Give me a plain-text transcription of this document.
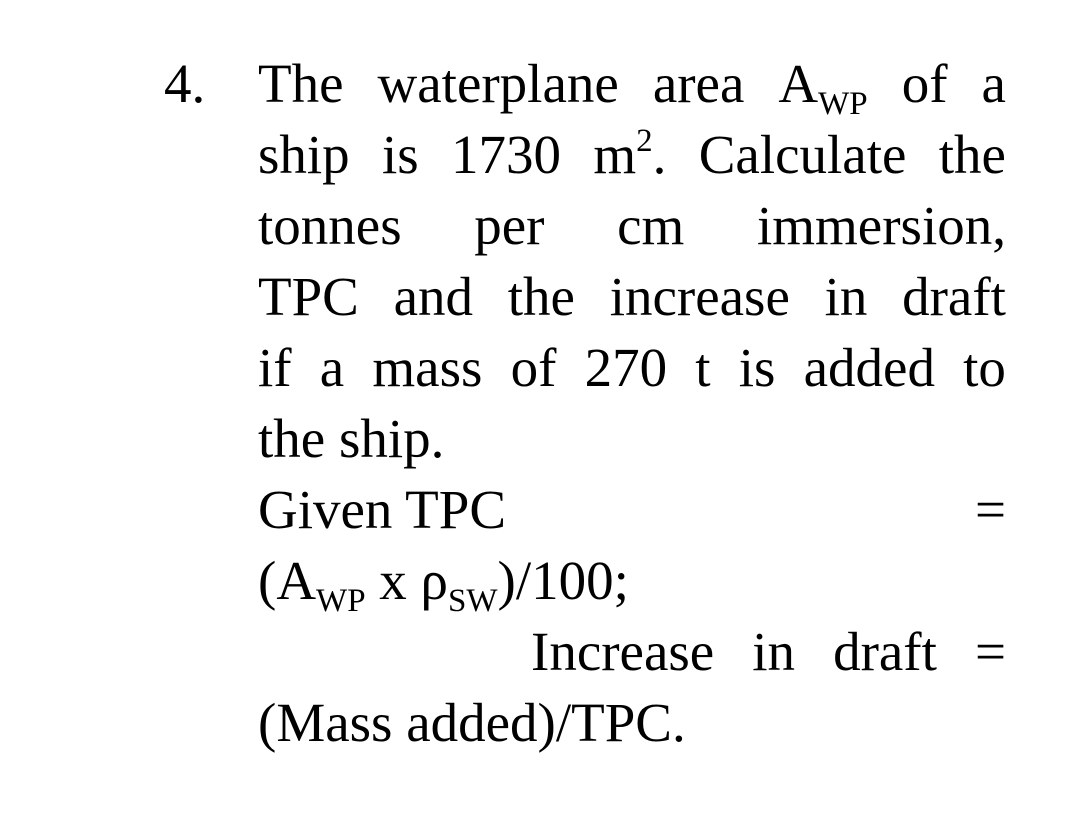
4. The waterplane area $A_{WP}$ of a
ship is 1730 $m^2$. Calculate the
tonnes per cm immersion,
TPC and the increase in draft
if a mass of 270 t is added to
the ship.
Given TPC	=
($A_{WP}$ x $\rho_{SW})/100$;
Increase in draft =
(Mass added)/TPC.
